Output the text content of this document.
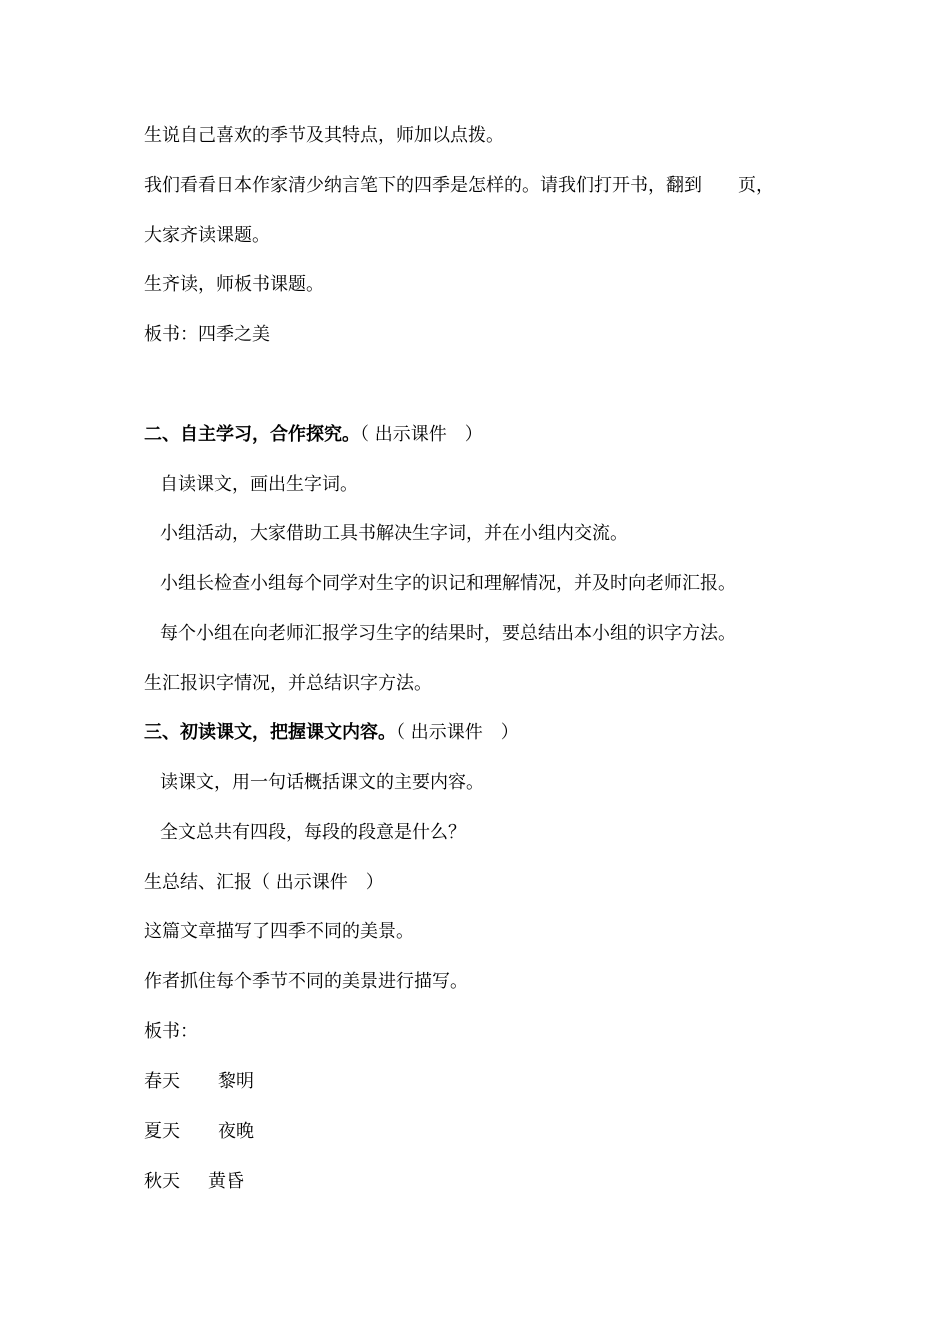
生说自己喜欢的季节及其特点，师加以点拨。
我们看看日本作家清少纳言笔下的四季是怎样的。请我们打开书，翻到　　页，
大家齐读课题。
生齐读，师板书课题。
板书：四季之美
二、自主学习，合作探究。（ 出示课件　）
自读课文，画出生字词。
小组活动，大家借助工具书解决生字词，并在小组内交流。
小组长检查小组每个同学对生字的识记和理解情况，并及时向老师汇报。
每个小组在向老师汇报学习生字的结果时，要总结出本小组的识字方法。
生汇报识字情况，并总结识字方法。
三、初读课文，把握课文内容。（ 出示课件　）
读课文，用一句话概括课文的主要内容。
全文总共有四段，每段的段意是什么？
生总结、汇报（ 出示课件　）
这篇文章描写了四季不同的美景。
作者抓住每个季节不同的美景进行描写。
板书：
春天 黎明
夏天 夜晚
秋天 黄昏
